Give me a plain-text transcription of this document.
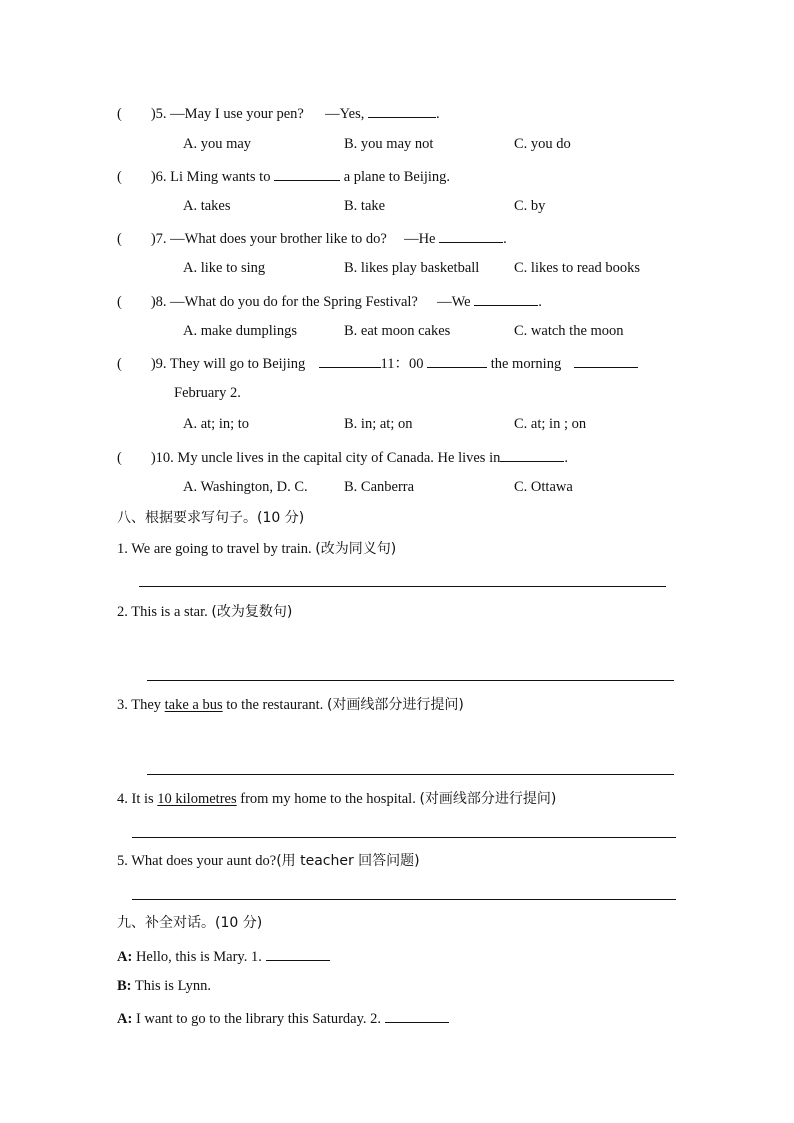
(        )5. —May I use your pen? —Yes,	.
A. you may	B. you may not	C. you do
(        )6. Li Ming wants to	a plane to Beijing.
A. takes	B. take	C. by
(        )7. —What does your brother like to do? —He	.
A. like to sing	B. likes play basketball C. likes to read books
(        )8. —What do you do for the Spring Festival? —We	.
A. make dumplings	B. eat moon cakes	C. watch the moon
(        )9. They will go to Beijing	11：00	the morning
February 2.
A. at; in; to	B. in; at; on	C. at; in ; on
(        )10. My uncle lives in the capital city of Canada. He lives in	.
A. Washington, D. C.	B. Canberra	C. Ottawa
八、根据要求写句子。(10 分)
1. We are going to travel by train. (改为同义句)
2. This is a star. (改为复数句)
3. They take a bus to the restaurant. (对画线部分进行提问)
4. It is 10 kilometres from my home to the hospital. (对画线部分进行提问)
5. What does your aunt do?(用 teacher 回答问题)
九、补全对话。(10 分)
A: Hello, this is Mary. 1.
B: This is Lynn.
A: I want to go to the library this Saturday. 2.
